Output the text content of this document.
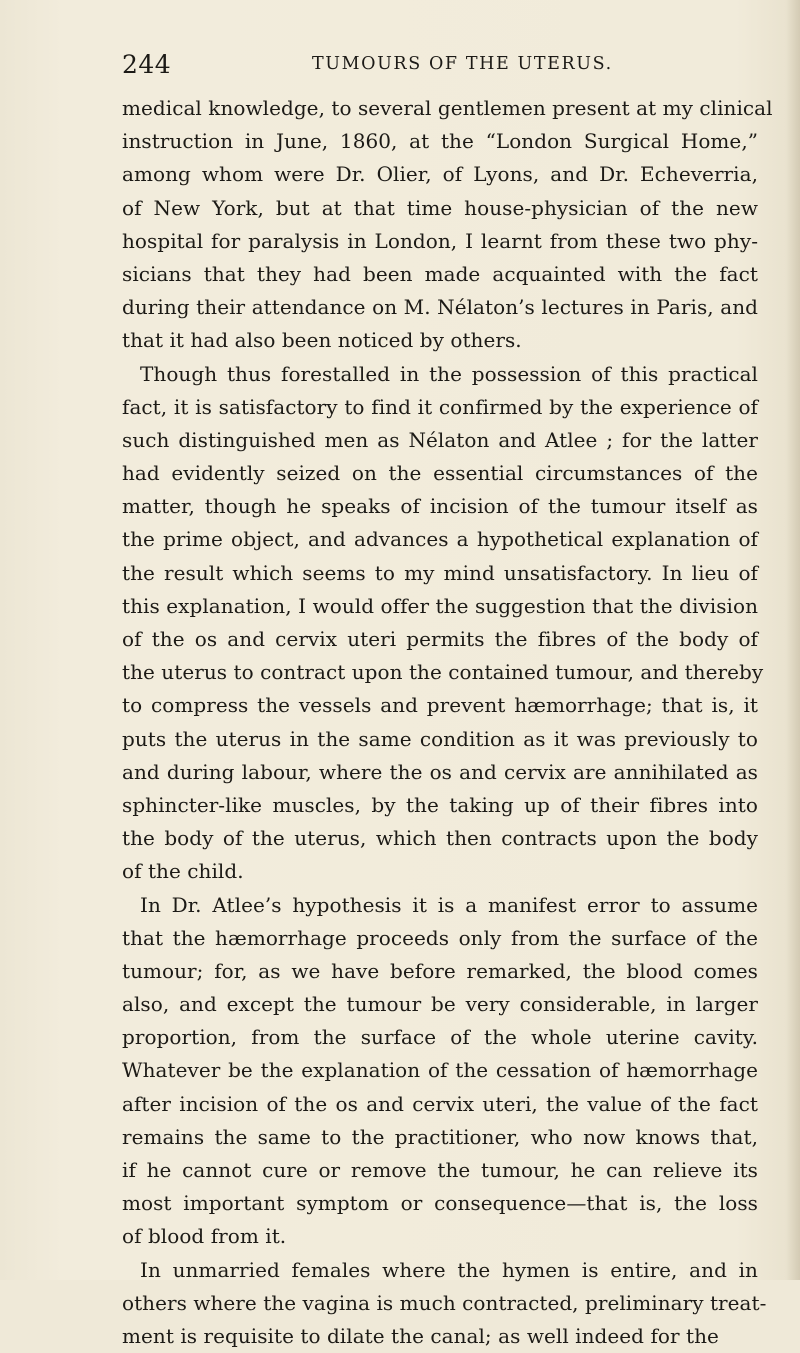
244	TUMOURS OF THE UTERUS.
medical knowledge, to several gentlemen present at my clinical
instruction in June, 1860, at the “London Surgical Home,”
among whom were Dr. Olier, of Lyons, and Dr. Echeverria,
of New York, but at that time house-physician of the new
hospital for paralysis in London, I learnt from these two phy-
sicians that they had been made acquainted with the fact
during their attendance on M. Nélaton’s lectures in Paris, and
that it had also been noticed by others.
Though thus forestalled in the possession of this practical
fact, it is satisfactory to find it confirmed by the experience of
such distinguished men as Nélaton and Atlee ; for the latter
had evidently seized on the essential circumstances of the
matter, though he speaks of incision of the tumour itself as
the prime object, and advances a hypothetical explanation of
the result which seems to my mind unsatisfactory. In lieu of
this explanation, I would offer the suggestion that the division
of the os and cervix uteri permits the fibres of the body of
the uterus to contract upon the contained tumour, and thereby
to compress the vessels and prevent hæmorrhage; that is, it
puts the uterus in the same condition as it was previously to
and during labour, where the os and cervix are annihilated as
sphincter-like muscles, by the taking up of their fibres into
the body of the uterus, which then contracts upon the body
of the child.
In Dr. Atlee’s hypothesis it is a manifest error to assume
that the hæmorrhage proceeds only from the surface of the
tumour; for, as we have before remarked, the blood comes
also, and except the tumour be very considerable, in larger
proportion, from the surface of the whole uterine cavity.
Whatever be the explanation of the cessation of hæmorrhage
after incision of the os and cervix uteri, the value of the fact
remains the same to the practitioner, who now knows that,
if he cannot cure or remove the tumour, he can relieve its
most important symptom or consequence—that is, the loss
of blood from it.
In unmarried females where the hymen is entire, and in
others where the vagina is much contracted, preliminary treat-
ment is requisite to dilate the canal; as well indeed for the
